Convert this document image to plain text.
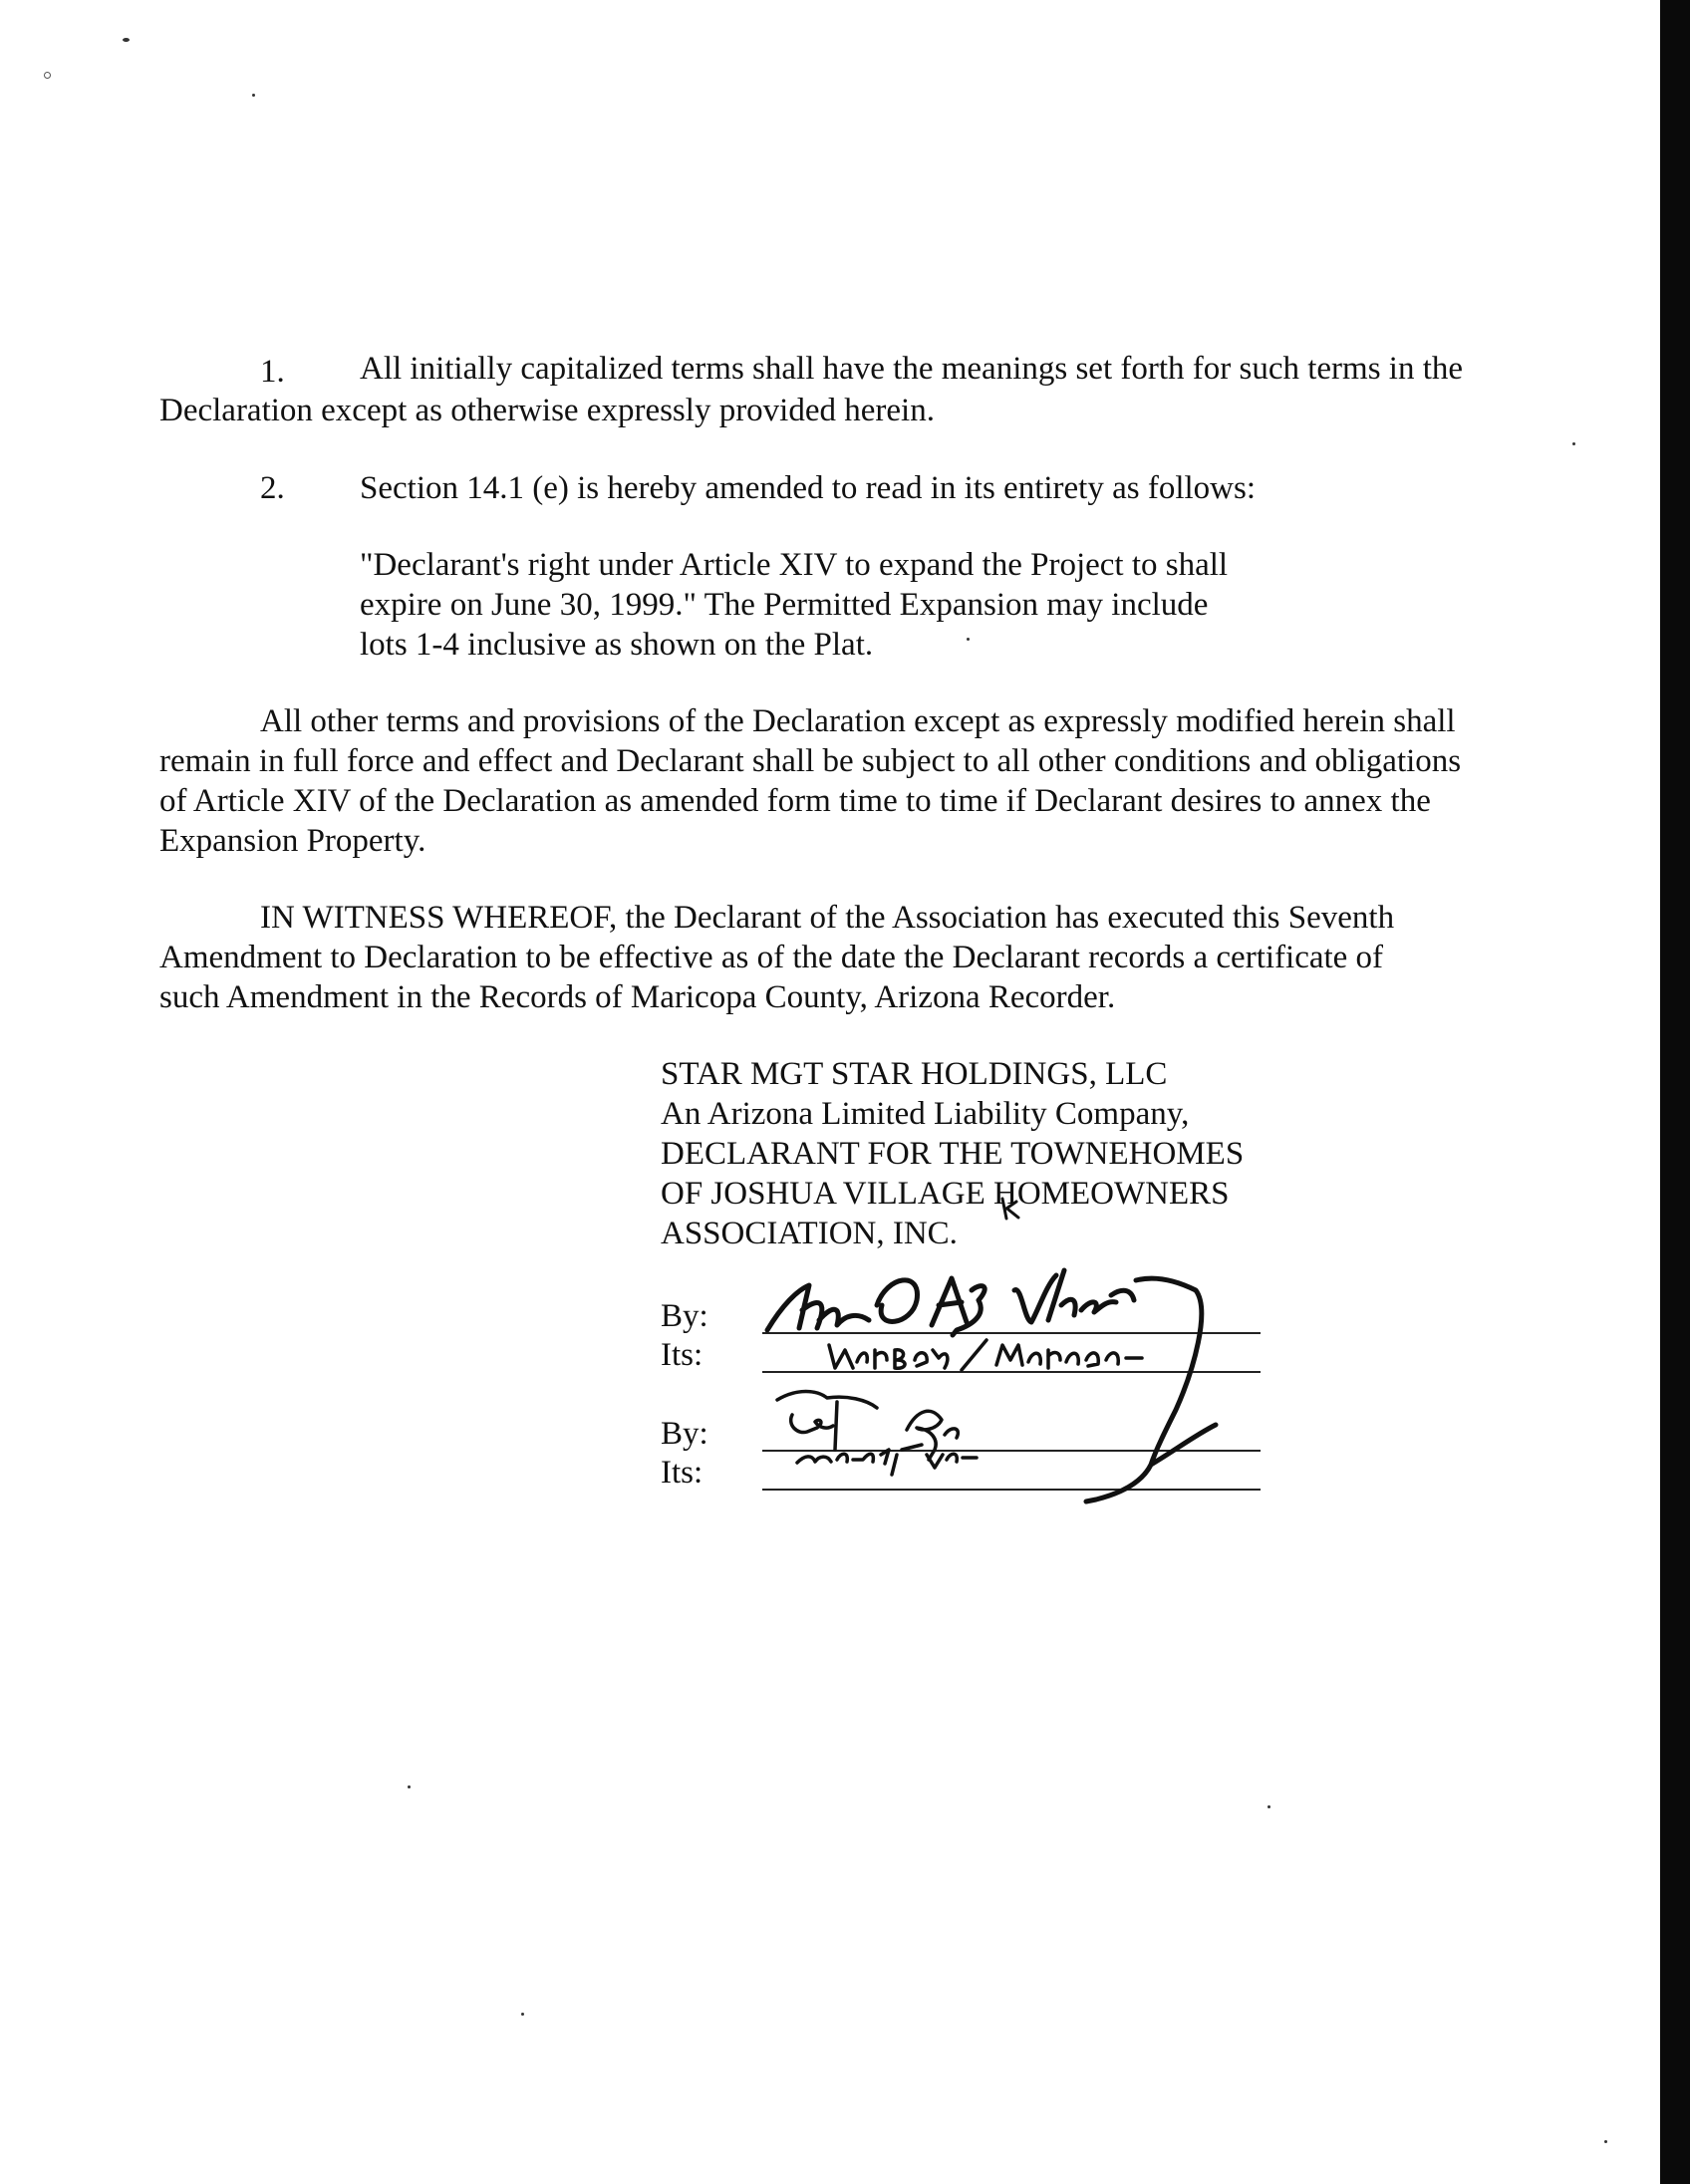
1. All initially capitalized terms shall have the meanings set forth for such terms in the
Declaration except as otherwise expressly provided herein.
2. Section 14.1 (e) is hereby amended to read in its entirety as follows:
"Declarant's right under Article XIV to expand the Project to shall
expire on June 30, 1999." The Permitted Expansion may include
lots 1-4 inclusive as shown on the Plat.
All other terms and provisions of the Declaration except as expressly modified herein shall
remain in full force and effect and Declarant shall be subject to all other conditions and obligations
of Article XIV of the Declaration as amended form time to time if Declarant desires to annex the
Expansion Property.
IN WITNESS WHEREOF, the Declarant of the Association has executed this Seventh
Amendment to Declaration to be effective as of the date the Declarant records a certificate of
such Amendment in the Records of Maricopa County, Arizona Recorder.
STAR MGT STAR HOLDINGS, LLC
An Arizona Limited Liability Company,
DECLARANT FOR THE TOWNEHOMES
OF JOSHUA VILLAGE HOMEOWNERS
ASSOCIATION, INC.
By:
Its:
By:
Its:
